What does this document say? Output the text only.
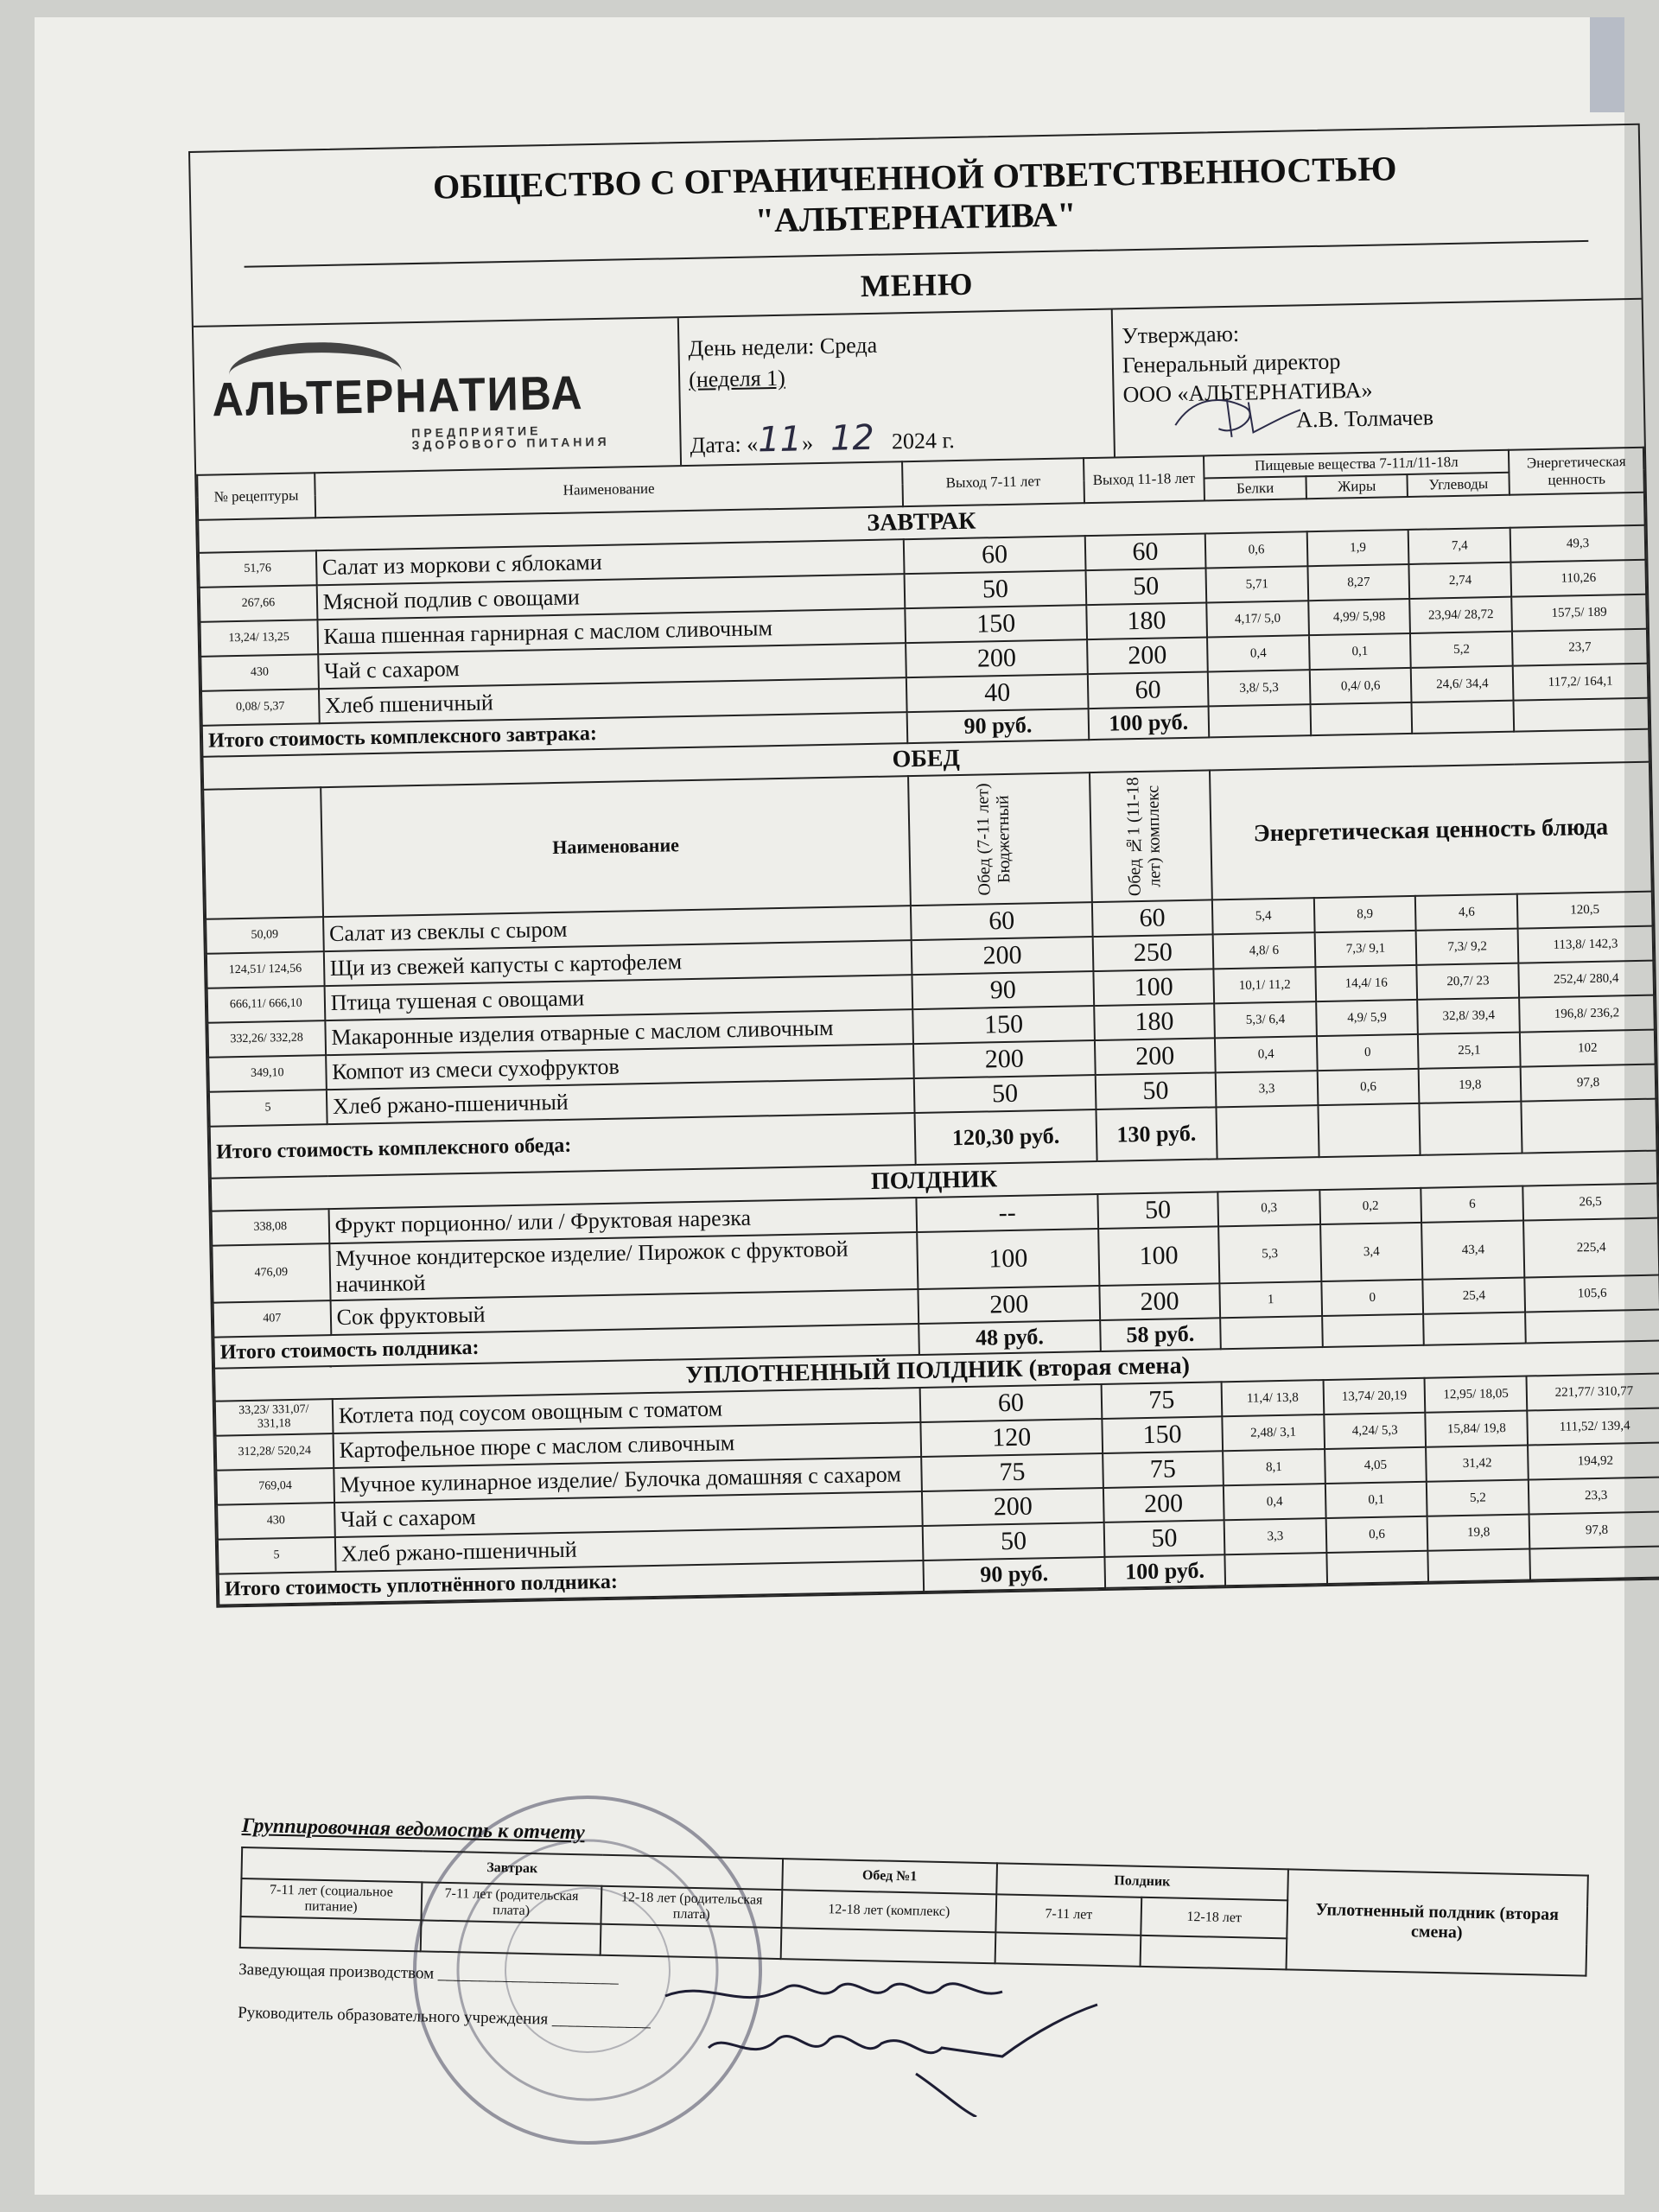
ОБЩЕСТВО С ОГРАНИЧЕННОЙ ОТВЕТСТВЕННОСТЬЮ
"АЛЬТЕРНАТИВА"
МЕНЮ
АЛЬТЕРНАТИВА
ПРЕДПРИЯТИЕ ЗДОРОВОГО ПИТАНИЯ
День недели: Среда
(неделя 1)
Дата: «11» 12 2024 г.
Утверждаю:
Генеральный директор
ООО «АЛЬТЕРНАТИВА»
А.В. Толмачев
№ рецептуры	Наименование	Выход 7-11 лет	Выход 11-18 лет	Пищевые вещества 7-11л/11-18л			Энергетическая ценность
				Белки	Жиры	Углеводы	
ЗАВТРАК							
51,76	Салат из моркови с яблоками	60	60	0,6	1,9	7,4	49,3
267,66	Мясной подлив с овощами	50	50	5,71	8,27	2,74	110,26
13,24/ 13,25	Каша пшенная гарнирная с маслом сливочным	150	180	4,17/ 5,0	4,99/ 5,98	23,94/ 28,72	157,5/ 189
430	Чай с сахаром	200	200	0,4	0,1	5,2	23,7
0,08/ 5,37	Хлеб пшеничный	40	60	3,8/ 5,3	0,4/ 0,6	24,6/ 34,4	117,2/ 164,1
Итого стоимость комплексного завтрака:		90 руб.	100 руб.				
ОБЕД							
	Наименование	Обед (7-11 лет) Бюджетный	Обед №1 (11-18 лет) комплекс	Энергетическая ценность блюда			
50,09	Салат из свеклы с сыром	60	60	5,4	8,9	4,6	120,5
124,51/ 124,56	Щи из свежей капусты с картофелем	200	250	4,8/ 6	7,3/ 9,1	7,3/ 9,2	113,8/ 142,3
666,11/ 666,10	Птица тушеная с овощами	90	100	10,1/ 11,2	14,4/ 16	20,7/ 23	252,4/ 280,4
332,26/ 332,28	Макаронные изделия отварные с маслом сливочным	150	180	5,3/ 6,4	4,9/ 5,9	32,8/ 39,4	196,8/ 236,2
349,10	Компот из смеси сухофруктов	200	200	0,4	0	25,1	102
5	Хлеб ржано-пшеничный	50	50	3,3	0,6	19,8	97,8
Итого стоимость комплексного обеда:		120,30 руб.	130 руб.				
ПОЛДНИК							
338,08	Фрукт порционно/ или / Фруктовая нарезка	--	50	0,3	0,2	6	26,5
476,09	Мучное кондитерское изделие/ Пирожок с фруктовой начинкой	100	100	5,3	3,4	43,4	225,4
407	Сок фруктовый	200	200	1	0	25,4	105,6
Итого стоимость полдника:		48 руб.	58 руб.				
УПЛОТНЕННЫЙ ПОЛДНИК (вторая смена)							
33,23/ 331,07/ 331,18	Котлета под соусом овощным с томатом	60	75	11,4/ 13,8	13,74/ 20,19	12,95/ 18,05	221,77/ 310,77
312,28/ 520,24	Картофельное пюре с маслом сливочным	120	150	2,48/ 3,1	4,24/ 5,3	15,84/ 19,8	111,52/ 139,4
769,04	Мучное кулинарное изделие/ Булочка домашняя с сахаром	75	75	8,1	4,05	31,42	194,92
430	Чай с сахаром	200	200	0,4	0,1	5,2	23,3
5	Хлеб ржано-пшеничный	50	50	3,3	0,6	19,8	97,8
Итого стоимость уплотнённого полдника:		90 руб.	100 руб.				
Группировочная ведомость к отчету
Завтрак			Обед №1	Полдник		Уплотненный полдник (вторая смена)
7-11 лет (социальное питание)	7-11 лет (родительская плата)	12-18 лет (родительская плата)	12-18 лет (комплекс)	7-11 лет	12-18 лет	

Заведующая производством ______________________
Руководитель образовательного учреждения ____________
